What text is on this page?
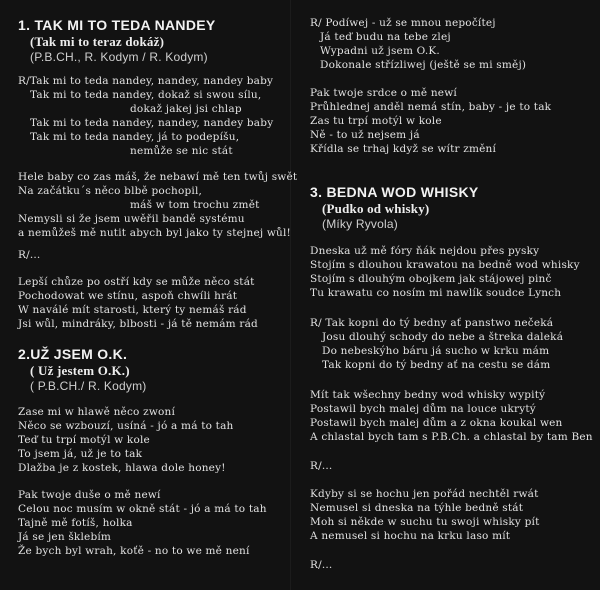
1. TAK MI TO TEDA NANDEY
(Tak mi to teraz dokáž)
(P.B.CH., R. Kodym / R. Kodym)
R/Tak mi to teda nandey, nandey, nandey baby
Tak mi to teda nandey, dokaž si swou sílu,
dokaž jakej jsi chlap
Tak mi to teda nandey, nandey, nandey baby
Tak mi to teda nandey, já to podepíšu,
nemůže se nic stát
Hele baby co zas máš, že nebawí mě ten twůj swět
Na začátku´s něco blbě pochopil,
máš w tom trochu změt
Nemysli si že jsem uwěřil bandě systému
a nemůžeš mě nutit abych byl jako ty stejnej wůl!
R/...
Lepší chůze po ostří kdy se může něco stát
Pochodowat we stínu, aspoň chwíli hrát
W naválé mít starosti, který ty nemáš rád
Jsi wůl, mindráky, blbosti - já tě nemám rád
2.UŽ JSEM O.K.
( Už jestem O.K.)
( P.B.CH./ R. Kodym)
Zase mi w hlawě něco zwoní
Něco se wzbouzí, usíná - jó a má to tah
Teď tu trpí motýl w kole
To jsem já, už je to tak
Dlažba je z kostek, hlawa dole honey!
Pak twoje duše o mě newí
Celou noc musím w okně stát - jó a má to tah
Tajně mě fotíš, holka
Já se jen šklebím
Že bych byl wrah, koťě - no to we mě není
R/ Podíwej - už se mnou nepočítej
Já teď budu na tebe zlej
Wypadni už jsem O.K.
Dokonale střízliwej (ještě se mi směj)
Pak twoje srdce o mě newí
Průhlednej anděl nemá stín, baby - je to tak
Zas tu trpí motýl w kole
Ně - to už nejsem já
Křídla se trhaj když se wítr změní
3. BEDNA WOD WHISKY
(Pudko od whisky)
(Míky Ryvola)
Dneska už mě fóry ňák nejdou přes pysky
Stojím s dlouhou krawatou na bedně wod whisky
Stojím s dlouhým obojkem jak stájowej pinč
Tu krawatu co nosím mi nawlík soudce Lynch
R/ Tak kopni do tý bedny ať panstwo nečeká
Josu dlouhý schody do nebe a štreka daleká
Do nebeskýho báru já sucho w krku mám
Tak kopni do tý bedny ať na cestu se dám
Mít tak wšechny bedny wod whisky wypitý
Postawil bych malej dům na louce ukrytý
Postawil bych malej dům a z okna koukal wen
A chlastal bych tam s P.B.Ch. a chlastal by tam Ben
R/...
Kdyby si se hochu jen pořád nechtěl rwát
Nemusel si dneska na týhle bedně stát
Moh si někde w suchu tu swoji whisky pít
A nemusel si hochu na krku laso mít
R/...
